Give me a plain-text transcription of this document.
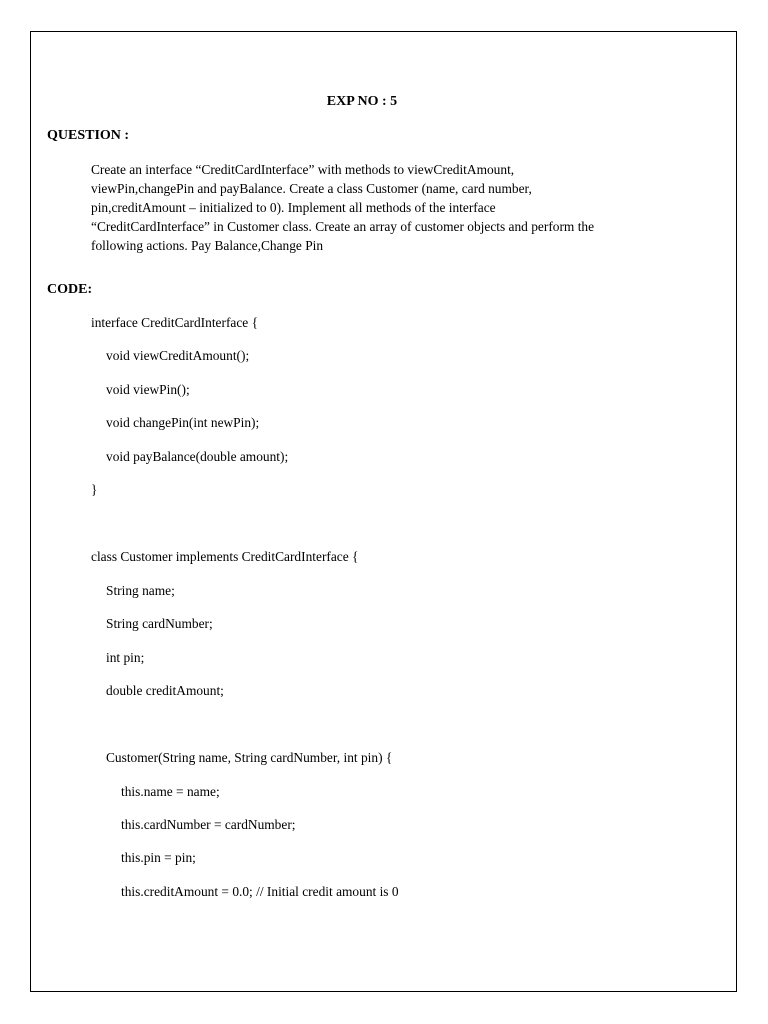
EXP NO : 5
QUESTION :

Create an interface “CreditCardInterface” with methods to viewCreditAmount,
viewPin,changePin and payBalance. Create a class Customer (name, card number,
pin,creditAmount – initialized to 0). Implement all methods of the interface
“CreditCardInterface” in Customer class. Create an array of customer objects and perform the
following actions. Pay Balance,Change Pin

CODE:
interface CreditCardInterface {
void viewCreditAmount();
void viewPin();
void changePin(int newPin);
void payBalance(double amount);
}
class Customer implements CreditCardInterface {
String name;
String cardNumber;
int pin;
double creditAmount;
Customer(String name, String cardNumber, int pin) {
this.name = name;
this.cardNumber = cardNumber;
this.pin = pin;
this.creditAmount = 0.0; // Initial credit amount is 0
